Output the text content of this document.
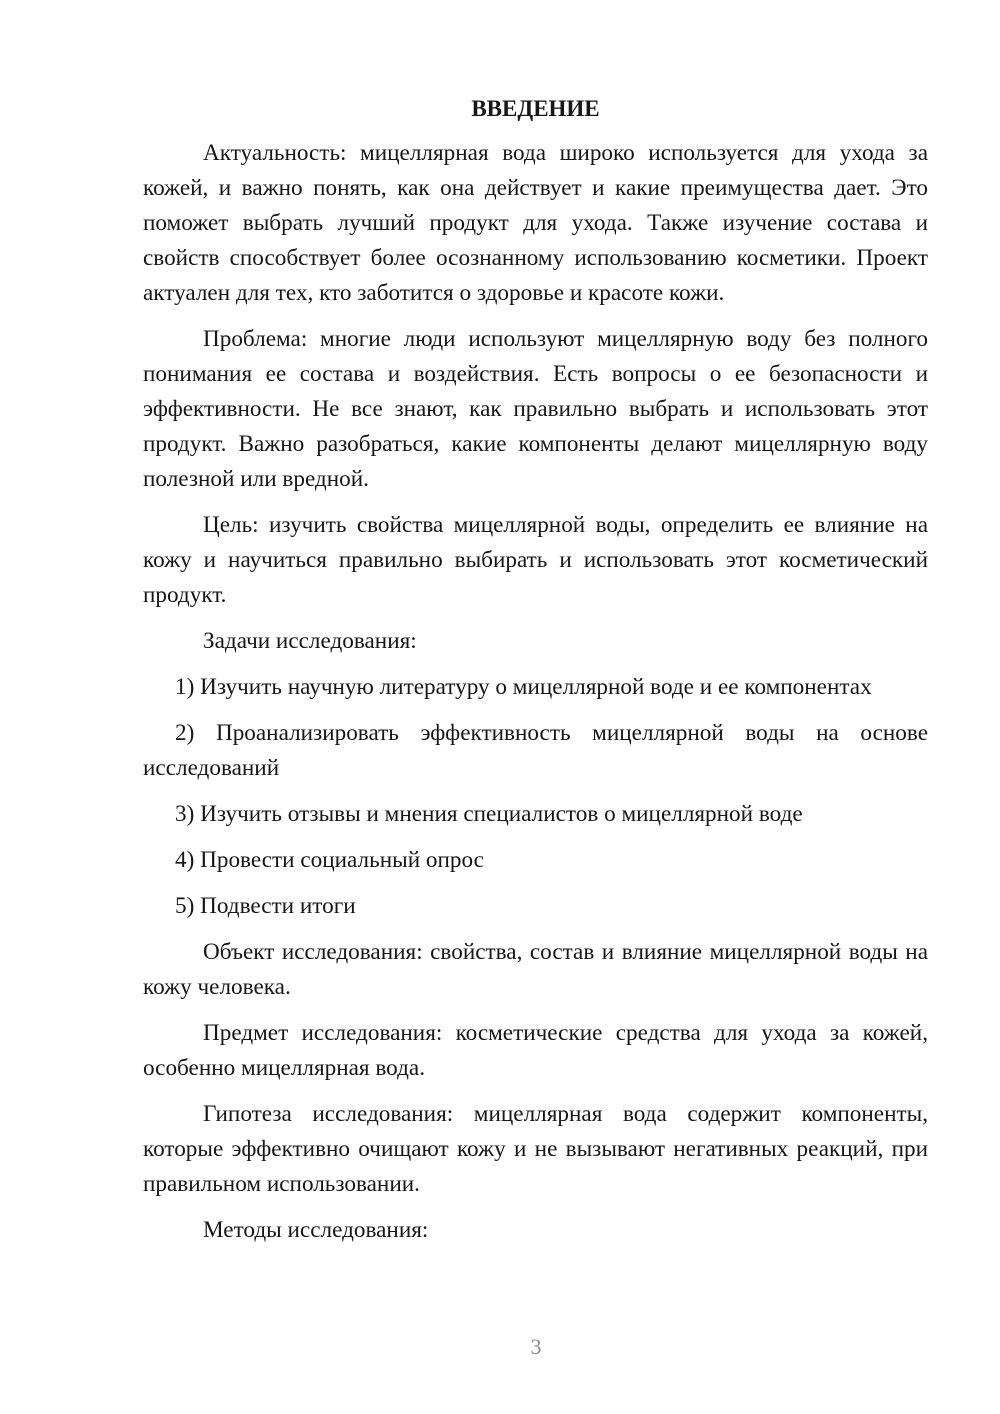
ВВЕДЕНИЕ

Актуальность: мицеллярная вода широко используется для ухода за кожей, и важно понять, как она действует и какие преимущества дает. Это поможет выбрать лучший продукт для ухода. Также изучение состава и свойств способствует более осознанному использованию косметики. Проект актуален для тех, кто заботится о здоровье и красоте кожи.

Проблема: многие люди используют мицеллярную воду без полного понимания ее состава и воздействия. Есть вопросы о ее безопасности и эффективности. Не все знают, как правильно выбрать и использовать этот продукт. Важно разобраться, какие компоненты делают мицеллярную воду полезной или вредной.

Цель: изучить свойства мицеллярной воды, определить ее влияние на кожу и научиться правильно выбирать и использовать этот косметический продукт.

Задачи исследования:

1) Изучить научную литературу о мицеллярной воде и ее компонентах

2) Проанализировать эффективность мицеллярной воды на основе исследований

3) Изучить отзывы и мнения специалистов о мицеллярной воде

4) Провести социальный опрос

5) Подвести итоги

Объект исследования: свойства, состав и влияние мицеллярной воды на кожу человека.

Предмет исследования: косметические средства для ухода за кожей, особенно мицеллярная вода.

Гипотеза исследования: мицеллярная вода содержит компоненты, которые эффективно очищают кожу и не вызывают негативных реакций, при правильном использовании.

Методы исследования:

3
